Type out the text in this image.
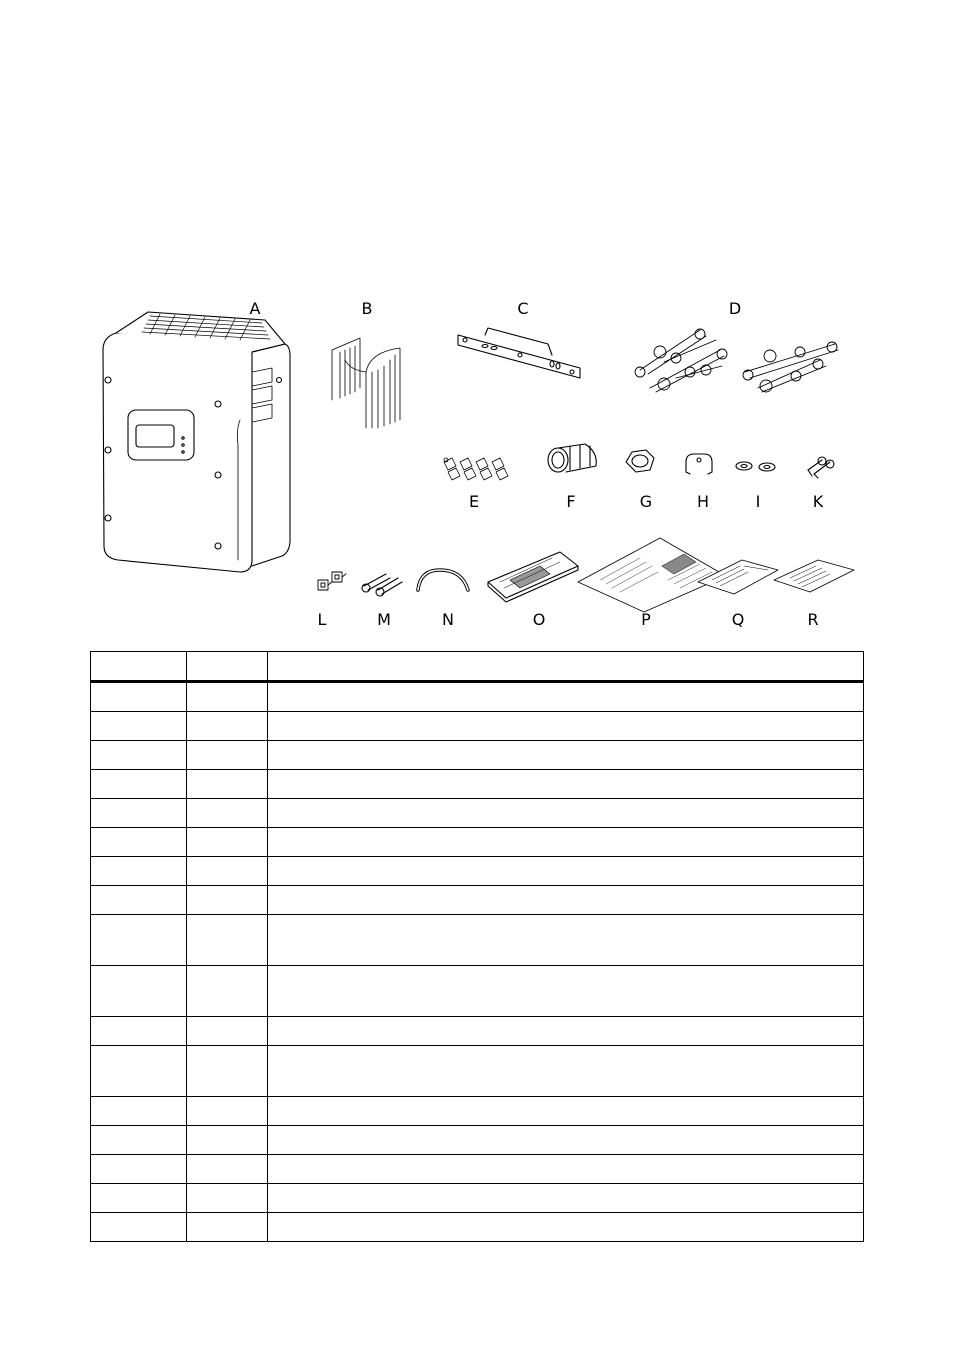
A	B	C	D
E	F	G	H	I	K
L	M	N	O	P	Q	R
